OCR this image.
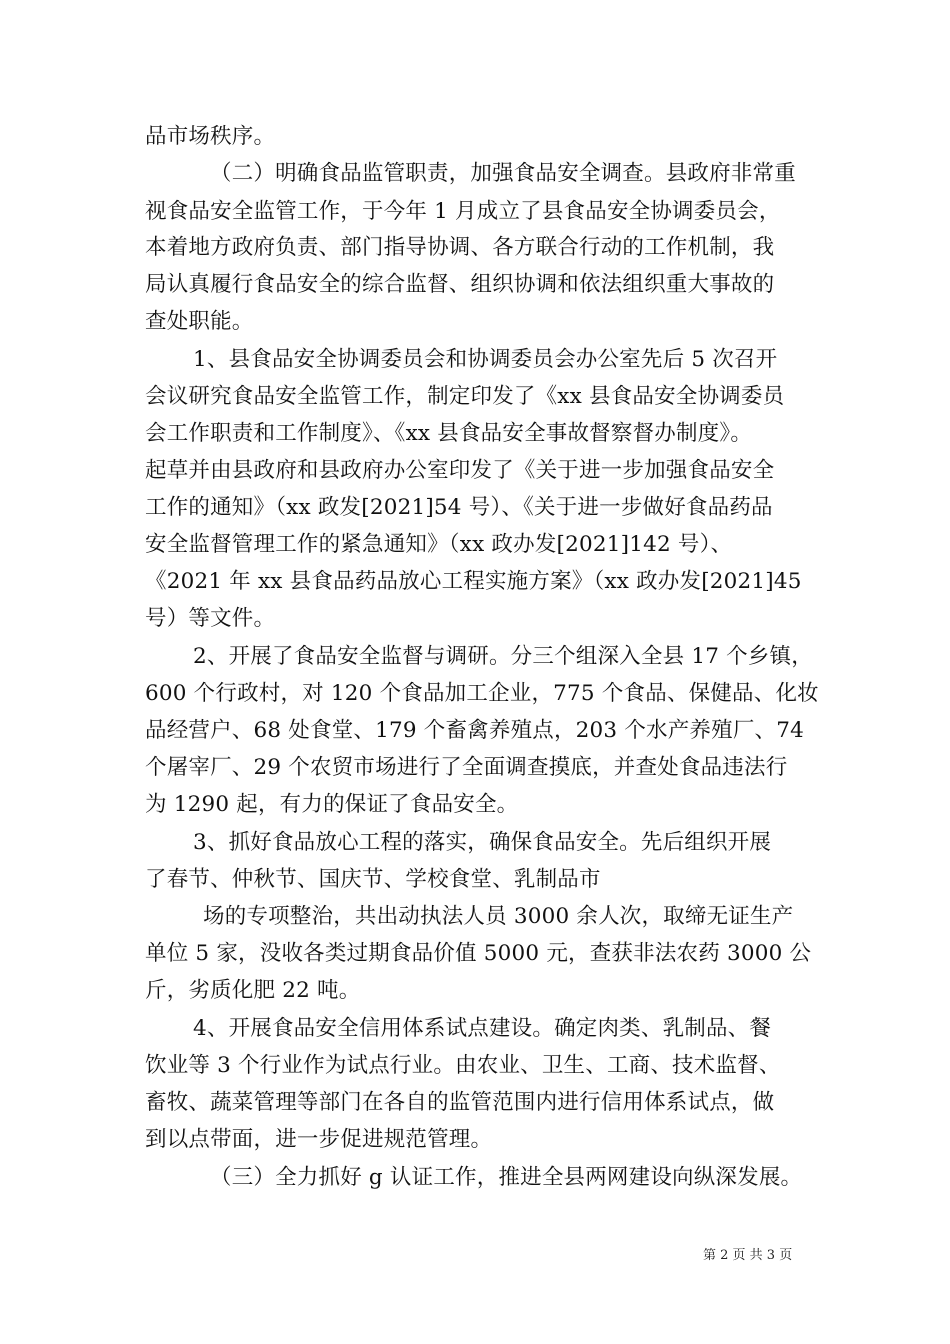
品市场秩序。
（二）明确食品监管职责，加强食品安全调查。县政府非常重
视食品安全监管工作，于今年 1 月成立了县食品安全协调委员会，
本着地方政府负责、部门指导协调、各方联合行动的工作机制，我
局认真履行食品安全的综合监督、组织协调和依法组织重大事故的
查处职能。
1、县食品安全协调委员会和协调委员会办公室先后 5 次召开
会议研究食品安全监管工作，制定印发了《xx 县食品安全协调委员
会工作职责和工作制度》、《xx 县食品安全事故督察督办制度》。
起草并由县政府和县政府办公室印发了《关于进一步加强食品安全
工作的通知》（xx 政发[2021]54 号）、《关于进一步做好食品药品
安全监督管理工作的紧急通知》（xx 政办发[2021]142 号）、
《2021 年 xx 县食品药品放心工程实施方案》（xx 政办发[2021]45
号）等文件。
2、开展了食品安全监督与调研。分三个组深入全县 17 个乡镇，
600 个行政村，对 120 个食品加工企业，775 个食品、保健品、化妆
品经营户、68 处食堂、179 个畜禽养殖点，203 个水产养殖厂、74
个屠宰厂、29 个农贸市场进行了全面调查摸底，并查处食品违法行
为 1290 起，有力的保证了食品安全。
3、抓好食品放心工程的落实，确保食品安全。先后组织开展
了春节、仲秋节、国庆节、学校食堂、乳制品市
场的专项整治，共出动执法人员 3000 余人次，取缔无证生产
单位 5 家，没收各类过期食品价值 5000 元，查获非法农药 3000 公
斤，劣质化肥 22 吨。
4、开展食品安全信用体系试点建设。确定肉类、乳制品、餐
饮业等 3 个行业作为试点行业。由农业、卫生、工商、技术监督、
畜牧、蔬菜管理等部门在各自的监管范围内进行信用体系试点，做
到以点带面，进一步促进规范管理。
（三）全力抓好 g 认证工作，推进全县两网建设向纵深发展。
第 2 页 共 3 页
